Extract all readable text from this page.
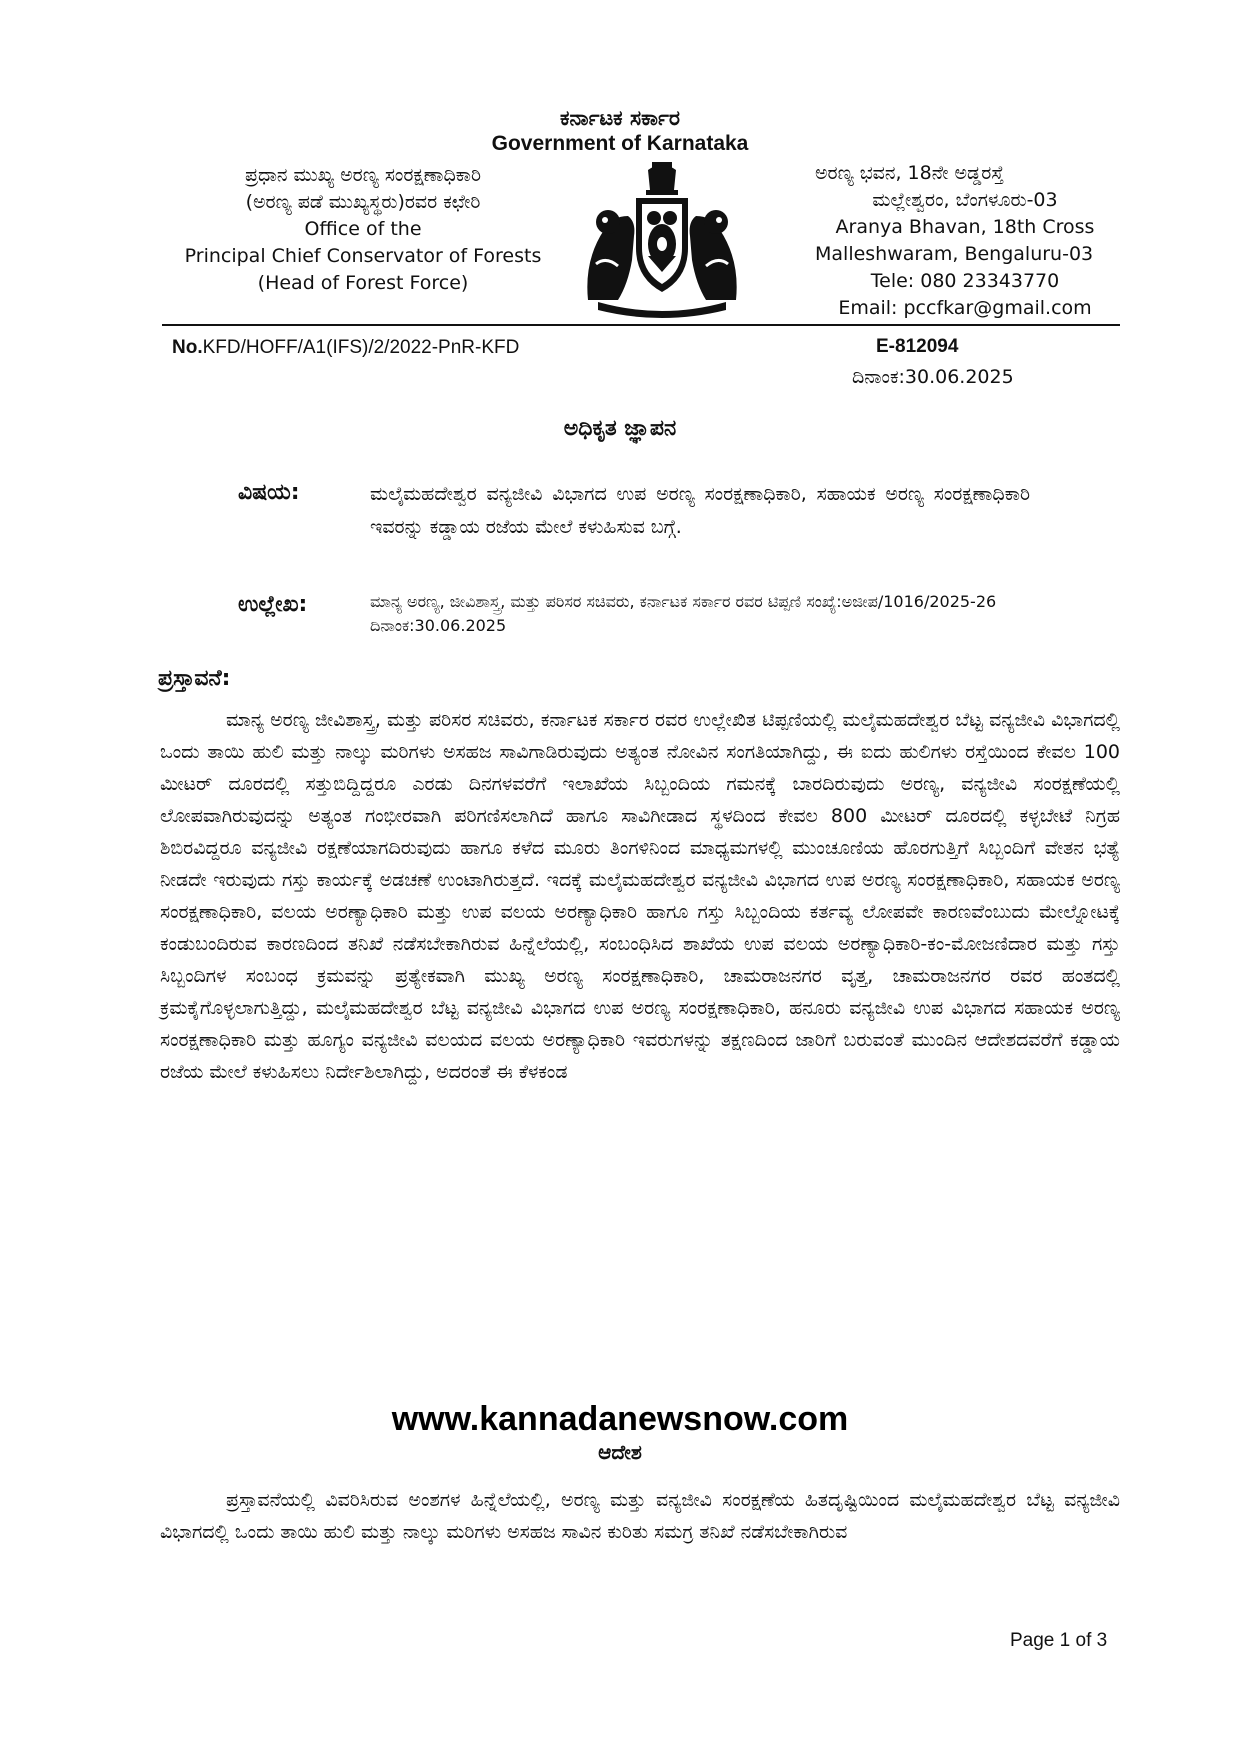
ಕರ್ನಾಟಕ ಸರ್ಕಾರ
Government of Karnataka
ಪ್ರಧಾನ ಮುಖ್ಯ ಅರಣ್ಯ ಸಂರಕ್ಷಣಾಧಿಕಾರಿ
(ಅರಣ್ಯ ಪಡೆ ಮುಖ್ಯಸ್ಥರು)ರವರ ಕಛೇರಿ
Office of the
Principal Chief Conservator of Forests
(Head of Forest Force)
ಅರಣ್ಯ ಭವನ, 18ನೇ ಅಡ್ಡರಸ್ತೆ
ಮಲ್ಲೇಶ್ವರಂ, ಬೆಂಗಳೂರು-03
Aranya Bhavan, 18th Cross
Malleshwaram, Bengaluru-03
Tele: 080 23343770
Email: pccfkar@gmail.com
No.KFD/HOFF/A1(IFS)/2/2022-PnR-KFD	E-812094
ದಿನಾಂಕ:30.06.2025
ಅಧಿಕೃತ ಜ್ಞಾಪನ
ವಿಷಯ:	ಮಲೈಮಹದೇಶ್ವರ ವನ್ಯಜೀವಿ ವಿಭಾಗದ ಉಪ ಅರಣ್ಯ ಸಂರಕ್ಷಣಾಧಿಕಾರಿ, ಸಹಾಯಕ ಅರಣ್ಯ ಸಂರಕ್ಷಣಾಧಿಕಾರಿ ಇವರನ್ನು ಕಡ್ಡಾಯ ರಜೆಯ ಮೇಲೆ ಕಳುಹಿಸುವ ಬಗ್ಗೆ.
ಉಲ್ಲೇಖ:	ಮಾನ್ಯ ಅರಣ್ಯ, ಜೀವಿಶಾಸ್ತ್ರ, ಮತ್ತು ಪರಿಸರ ಸಚಿವರು, ಕರ್ನಾಟಕ ಸರ್ಕಾರ ರವರ ಟಿಪ್ಪಣಿ ಸಂಖ್ಯೆ:ಅಜೀಪ/1016/2025-26 ದಿನಾಂಕ:30.06.2025
ಪ್ರಸ್ತಾವನೆ:
ಮಾನ್ಯ ಅರಣ್ಯ ಜೀವಿಶಾಸ್ತ್ರ, ಮತ್ತು ಪರಿಸರ ಸಚಿವರು, ಕರ್ನಾಟಕ ಸರ್ಕಾರ ರವರ ಉಲ್ಲೇಖಿತ ಟಿಪ್ಪಣಿಯಲ್ಲಿ ಮಲೈಮಹದೇಶ್ವರ ಬೆಟ್ಟ ವನ್ಯಜೀವಿ ವಿಭಾಗದಲ್ಲಿ ಒಂದು ತಾಯಿ ಹುಲಿ ಮತ್ತು ನಾಲ್ಕು ಮರಿಗಳು ಅಸಹಜ ಸಾವಿಗಾಡಿರುವುದು ಅತ್ಯಂತ ನೋವಿನ ಸಂಗತಿಯಾಗಿದ್ದು, ಈ ಐದು ಹುಲಿಗಳು ರಸ್ತೆಯಿಂದ ಕೇವಲ 100 ಮೀಟರ್ ದೂರದಲ್ಲಿ ಸತ್ತುಬಿದ್ದಿದ್ದರೂ ಎರಡು ದಿನಗಳವರೆಗೆ ಇಲಾಖೆಯ ಸಿಬ್ಬಂದಿಯ ಗಮನಕ್ಕೆ ಬಾರದಿರುವುದು ಅರಣ್ಯ, ವನ್ಯಜೀವಿ ಸಂರಕ್ಷಣೆಯಲ್ಲಿ ಲೋಪವಾಗಿರುವುದನ್ನು ಅತ್ಯಂತ ಗಂಭೀರವಾಗಿ ಪರಿಗಣಿಸಲಾಗಿದೆ ಹಾಗೂ ಸಾವಿಗೀಡಾದ ಸ್ಥಳದಿಂದ ಕೇವಲ 800 ಮೀಟರ್ ದೂರದಲ್ಲಿ ಕಳ್ಳಬೇಟೆ ನಿಗ್ರಹ ಶಿಬಿರವಿದ್ದರೂ ವನ್ಯಜೀವಿ ರಕ್ಷಣೆಯಾಗದಿರುವುದು ಹಾಗೂ ಕಳೆದ ಮೂರು ತಿಂಗಳಿನಿಂದ ಮಾಧ್ಯಮಗಳಲ್ಲಿ ಮುಂಚೂಣಿಯ ಹೊರಗುತ್ತಿಗೆ ಸಿಬ್ಬಂದಿಗೆ ವೇತನ ಭತ್ಯೆ ನೀಡದೇ ಇರುವುದು ಗಸ್ತು ಕಾರ್ಯಕ್ಕೆ ಅಡಚಣೆ ಉಂಟಾಗಿರುತ್ತದೆ. ಇದಕ್ಕೆ ಮಲೈಮಹದೇಶ್ವರ ವನ್ಯಜೀವಿ ವಿಭಾಗದ ಉಪ ಅರಣ್ಯ ಸಂರಕ್ಷಣಾಧಿಕಾರಿ, ಸಹಾಯಕ ಅರಣ್ಯ ಸಂರಕ್ಷಣಾಧಿಕಾರಿ, ವಲಯ ಅರಣ್ಯಾಧಿಕಾರಿ ಮತ್ತು ಉಪ ವಲಯ ಅರಣ್ಯಾಧಿಕಾರಿ ಹಾಗೂ ಗಸ್ತು ಸಿಬ್ಬಂದಿಯ ಕರ್ತವ್ಯ ಲೋಪವೇ ಕಾರಣವೆಂಬುದು ಮೇಲ್ನೋಟಕ್ಕೆ ಕಂಡುಬಂದಿರುವ ಕಾರಣದಿಂದ ತನಿಖೆ ನಡೆಸಬೇಕಾಗಿರುವ ಹಿನ್ನೆಲೆಯಲ್ಲಿ, ಸಂಬಂಧಿಸಿದ ಶಾಖೆಯ ಉಪ ವಲಯ ಅರಣ್ಯಾಧಿಕಾರಿ-ಕಂ-ಮೋಜಣಿದಾರ ಮತ್ತು ಗಸ್ತು ಸಿಬ್ಬಂದಿಗಳ ಸಂಬಂಧ ಕ್ರಮವನ್ನು ಪ್ರತ್ಯೇಕವಾಗಿ ಮುಖ್ಯ ಅರಣ್ಯ ಸಂರಕ್ಷಣಾಧಿಕಾರಿ, ಚಾಮರಾಜನಗರ ವೃತ್ತ, ಚಾಮರಾಜನಗರ ರವರ ಹಂತದಲ್ಲಿ ಕ್ರಮಕೈಗೊಳ್ಳಲಾಗುತ್ತಿದ್ದು, ಮಲೈಮಹದೇಶ್ವರ ಬೆಟ್ಟ ವನ್ಯಜೀವಿ ವಿಭಾಗದ ಉಪ ಅರಣ್ಯ ಸಂರಕ್ಷಣಾಧಿಕಾರಿ, ಹನೂರು ವನ್ಯಜೀವಿ ಉಪ ವಿಭಾಗದ ಸಹಾಯಕ ಅರಣ್ಯ ಸಂರಕ್ಷಣಾಧಿಕಾರಿ ಮತ್ತು ಹೂಗ್ಯಂ ವನ್ಯಜೀವಿ ವಲಯದ ವಲಯ ಅರಣ್ಯಾಧಿಕಾರಿ ಇವರುಗಳನ್ನು ತಕ್ಷಣದಿಂದ ಜಾರಿಗೆ ಬರುವಂತೆ ಮುಂದಿನ ಆದೇಶದವರೆಗೆ ಕಡ್ಡಾಯ ರಜೆಯ ಮೇಲೆ ಕಳುಹಿಸಲು ನಿರ್ದೇಶಿಲಾಗಿದ್ದು, ಅದರಂತೆ ಈ ಕೆಳಕಂಡ
www.kannadanewsnow.com
ಆದೇಶ
ಪ್ರಸ್ತಾವನೆಯಲ್ಲಿ ವಿವರಿಸಿರುವ ಅಂಶಗಳ ಹಿನ್ನೆಲೆಯಲ್ಲಿ, ಅರಣ್ಯ ಮತ್ತು ವನ್ಯಜೀವಿ ಸಂರಕ್ಷಣೆಯ ಹಿತದೃಷ್ಟಿಯಿಂದ ಮಲೈಮಹದೇಶ್ವರ ಬೆಟ್ಟ ವನ್ಯಜೀವಿ ವಿಭಾಗದಲ್ಲಿ ಒಂದು ತಾಯಿ ಹುಲಿ ಮತ್ತು ನಾಲ್ಕು ಮರಿಗಳು ಅಸಹಜ ಸಾವಿನ ಕುರಿತು ಸಮಗ್ರ ತನಿಖೆ ನಡೆಸಬೇಕಾಗಿರುವ
Page 1 of 3
